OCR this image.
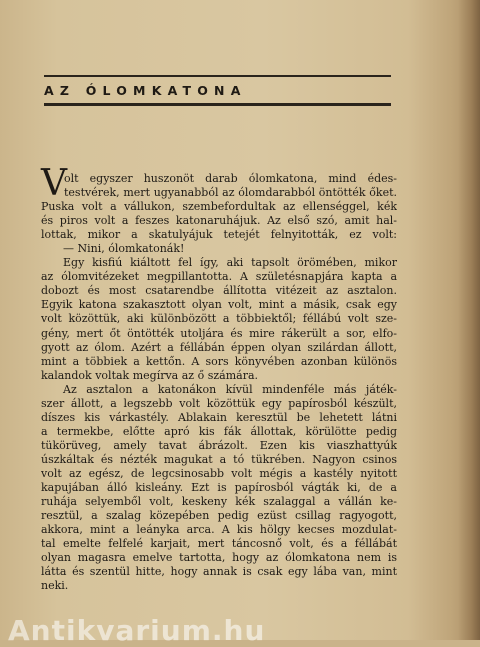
AZ ÓLOMKATONA
V
olt egyszer huszonöt darab ólomkatona, mind édes-
testvérek, mert ugyanabból az ólomdarabból öntötték őket.
Puska volt a vállukon, szembefordultak az ellenséggel, kék
és piros volt a feszes katonaruhájuk. Az első szó, amit hal-
lottak, mikor a skatulyájuk tetejét felnyitották, ez volt:
— Nini, ólomkatonák!
Egy kisfiú kiáltott fel így, aki tapsolt örömében, mikor
az ólomvitézeket megpillantotta. A születésnapjára kapta a
dobozt és most csatarendbe állította vitézeit az asztalon.
Egyik katona szakasztott olyan volt, mint a másik, csak egy
volt közöttük, aki különbözött a többiektől; féllábú volt sze-
gény, mert őt öntötték utoljára és mire rákerült a sor, elfo-
gyott az ólom. Azért a féllábán éppen olyan szilárdan állott,
mint a többiek a kettőn. A sors könyvében azonban különös
kalandok voltak megírva az ő számára.
Az asztalon a katonákon kívül mindenféle más játék-
szer állott, a legszebb volt közöttük egy papírosból készült,
díszes kis várkastély. Ablakain keresztül be lehetett látni
a termekbe, előtte apró kis fák állottak, körülötte pedig
tükörüveg, amely tavat ábrázolt. Ezen kis viaszhattyúk
úszkáltak és nézték magukat a tó tükrében. Nagyon csinos
volt az egész, de legcsinosabb volt mégis a kastély nyitott
kapujában álló kisleány. Ezt is papírosból vágták ki, de a
ruhája selyemből volt, keskeny kék szalaggal a vállán ke-
resztül, a szalag közepében pedig ezüst csillag ragyogott,
akkora, mint a leányka arca. A kis hölgy kecses mozdulat-
tal emelte felfelé karjait, mert táncosnő volt, és a féllábát
olyan magasra emelve tartotta, hogy az ólomkatona nem is
látta és szentül hitte, hogy annak is csak egy lába van, mint
neki.
Antikvarium.hu
